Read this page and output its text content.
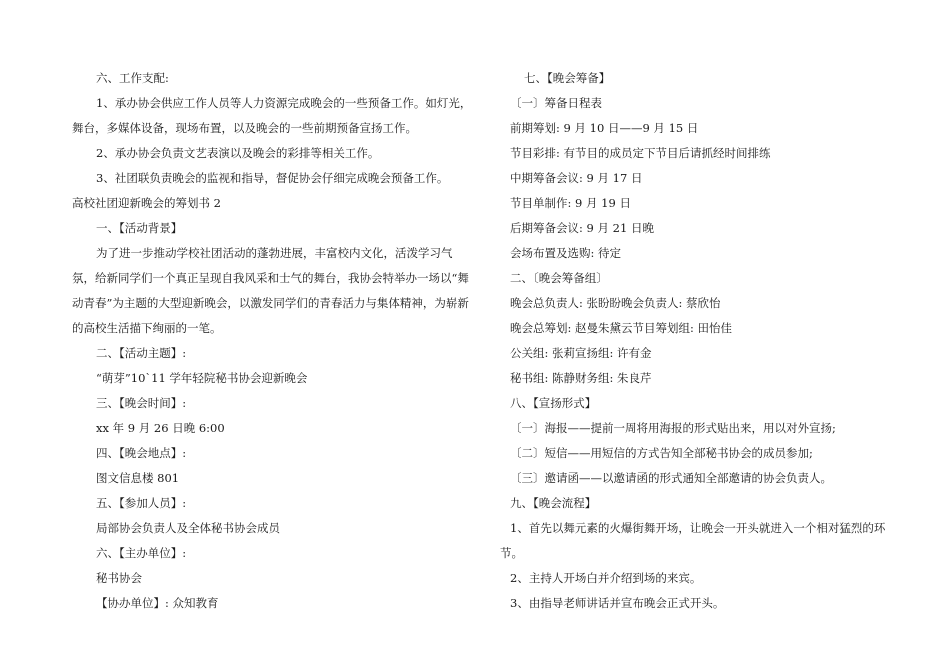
六、工作支配:
1、承办协会供应工作人员等人力资源完成晚会的一些预备工作。如灯光，舞台，多媒体设备，现场布置，以及晚会的一些前期预备宣扬工作。
2、承办协会负责文艺表演以及晚会的彩排等相关工作。
3、社团联负责晚会的监视和指导，督促协会仔细完成晚会预备工作。
高校社团迎新晚会的筹划书 2
一、【活动背景】
为了进一步推动学校社团活动的蓬勃进展，丰富校内文化，活泼学习气氛，给新同学们一个真正呈现自我风采和士气的舞台，我协会特举办一场以“舞动青春”为主题的大型迎新晚会，以激发同学们的青春活力与集体精神，为崭新的高校生活描下绚丽的一笔。
二、【活动主题】:
“萌芽”10`11 学年轻院秘书协会迎新晚会
三、【晚会时间】:
xx 年 9 月 26 日晚 6:00
四、【晚会地点】:
图文信息楼 801
五、【参加人员】:
局部协会负责人及全体秘书协会成员
六、【主办单位】:
秘书协会
【协办单位】: 众知教育
七、【晚会筹备】
〔一〕筹备日程表
前期筹划: 9 月 10 日——9 月 15 日
节目彩排: 有节目的成员定下节目后请抓经时间排练
中期筹备会议: 9 月 17 日
节目单制作: 9 月 19 日
后期筹备会议: 9 月 21 日晚
会场布置及选购: 待定
二、〔晚会筹备组〕
晚会总负责人: 张盼盼晚会负责人: 蔡欣怡
晚会总筹划: 赵曼朱黛云节目筹划组: 田怡佳
公关组: 张莉宣扬组: 许有金
秘书组: 陈静财务组: 朱良芹
八、【宣扬形式】
〔一〕海报——提前一周将用海报的形式贴出来，用以对外宣扬;
〔二〕短信——用短信的方式告知全部秘书协会的成员参加;
〔三〕邀请函——以邀请函的形式通知全部邀请的协会负责人。
九、【晚会流程】
1、首先以舞元素的火爆街舞开场，让晚会一开头就进入一个相对猛烈的环节。
2、主持人开场白并介绍到场的来宾。
3、由指导老师讲话并宣布晚会正式开头。
